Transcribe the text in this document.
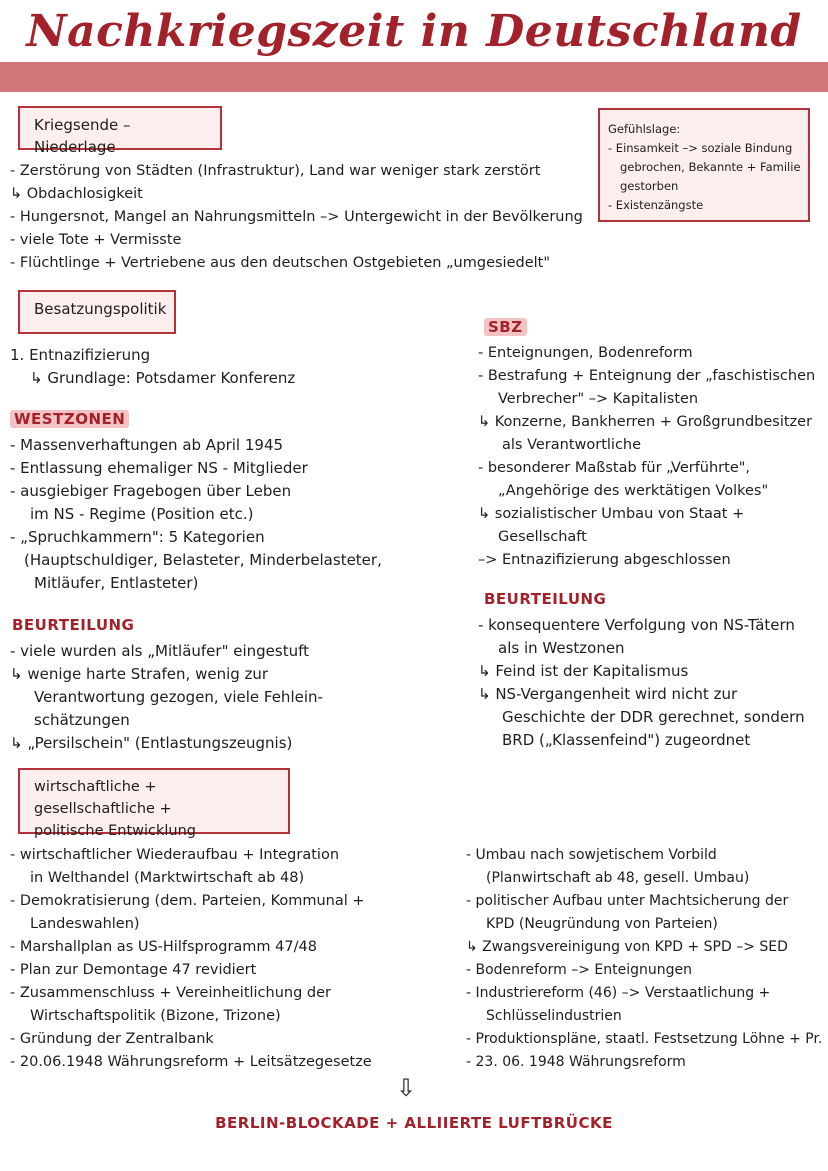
Nachkriegszeit in Deutschland
Kriegsende – Niederlage
- Zerstörung von Städten (Infrastruktur), Land war weniger stark zerstört
↳ Obdachlosigkeit
- Hungersnot, Mangel an Nahrungsmitteln –> Untergewicht in der Bevölkerung
- viele Tote + Vermisste
- Flüchtlinge + Vertriebene aus den deutschen Ostgebieten „umgesiedelt"
Gefühlslage:
- Einsamkeit –> soziale Bindung
gebrochen, Bekannte + Familie
gestorben
- Existenzängste
Besatzungspolitik
1. Entnazifizierung
↳ Grundlage: Potsdamer Konferenz
WESTZONEN
- Massenverhaftungen ab April 1945
- Entlassung ehemaliger NS - Mitglieder
- ausgiebiger Fragebogen über Leben
im NS - Regime (Position etc.)
- „Spruchkammern": 5 Kategorien
(Hauptschuldiger, Belasteter, Minderbelasteter,
Mitläufer, Entlasteter)
BEURTEILUNG
- viele wurden als „Mitläufer" eingestuft
↳ wenige harte Strafen, wenig zur
Verantwortung gezogen, viele Fehlein-
schätzungen
↳ „Persilschein" (Entlastungszeugnis)
SBZ
- Enteignungen, Bodenreform
- Bestrafung + Enteignung der „faschistischen
Verbrecher" –> Kapitalisten
↳ Konzerne, Bankherren + Großgrundbesitzer
als Verantwortliche
- besonderer Maßstab für „Verführte",
„Angehörige des werktätigen Volkes"
↳ sozialistischer Umbau von Staat +
Gesellschaft
–> Entnazifizierung abgeschlossen
BEURTEILUNG
- konsequentere Verfolgung von NS-Tätern
als in Westzonen
↳ Feind ist der Kapitalismus
↳ NS-Vergangenheit wird nicht zur
Geschichte der DDR gerechnet, sondern
BRD („Klassenfeind") zugeordnet
wirtschaftliche + gesellschaftliche +
politische Entwicklung
- wirtschaftlicher Wiederaufbau + Integration
in Welthandel (Marktwirtschaft ab 48)
- Demokratisierung (dem. Parteien, Kommunal +
Landeswahlen)
- Marshallplan as US-Hilfsprogramm 47/48
- Plan zur Demontage 47 revidiert
- Zusammenschluss + Vereinheitlichung der
Wirtschaftspolitik (Bizone, Trizone)
- Gründung der Zentralbank
- 20.06.1948 Währungsreform + Leitsätzegesetze
- Umbau nach sowjetischem Vorbild
(Planwirtschaft ab 48, gesell. Umbau)
- politischer Aufbau unter Machtsicherung der
KPD (Neugründung von Parteien)
↳ Zwangsvereinigung von KPD + SPD –> SED
- Bodenreform –> Enteignungen
- Industriereform (46) –> Verstaatlichung +
Schlüsselindustrien
- Produktionspläne, staatl. Festsetzung Löhne + Pr.
- 23. 06. 1948 Währungsreform
⇩
BERLIN-BLOCKADE + ALLIIERTE LUFTBRÜCKE
